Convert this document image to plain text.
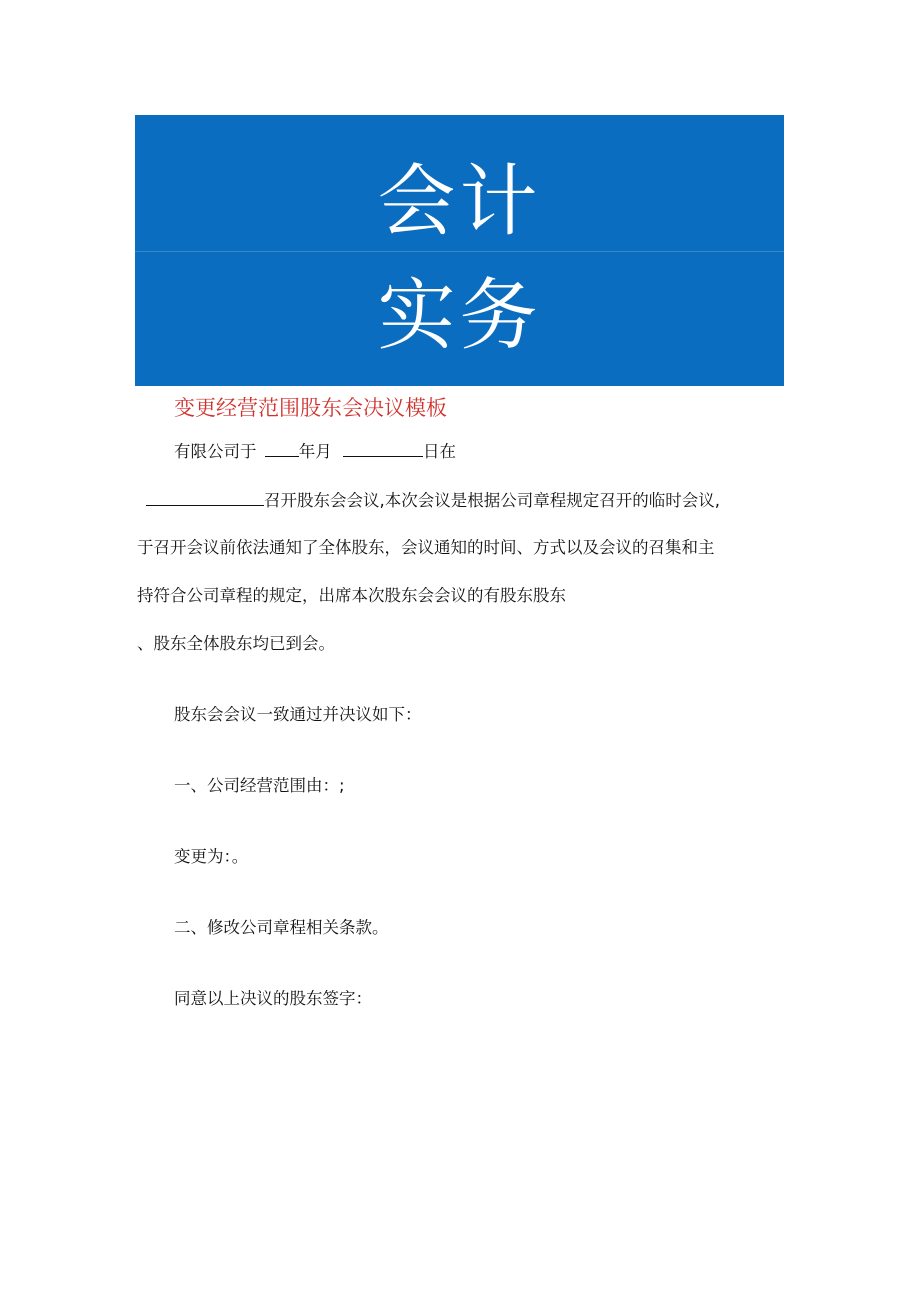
会计
实务
变更经营范围股东会决议模板
有限公司于	年月	日在
召开股东会会议,本次会议是根据公司章程规定召开的临时会议,
于召开会议前依法通知了全体股东，会议通知的时间、方式以及会议的召集和主
持符合公司章程的规定，出席本次股东会会议的有股东股东
、股东全体股东均已到会。
股东会会议一致通过并决议如下：
一、公司经营范围由：;
变更为：。
二、修改公司章程相关条款。
同意以上决议的股东签字：
